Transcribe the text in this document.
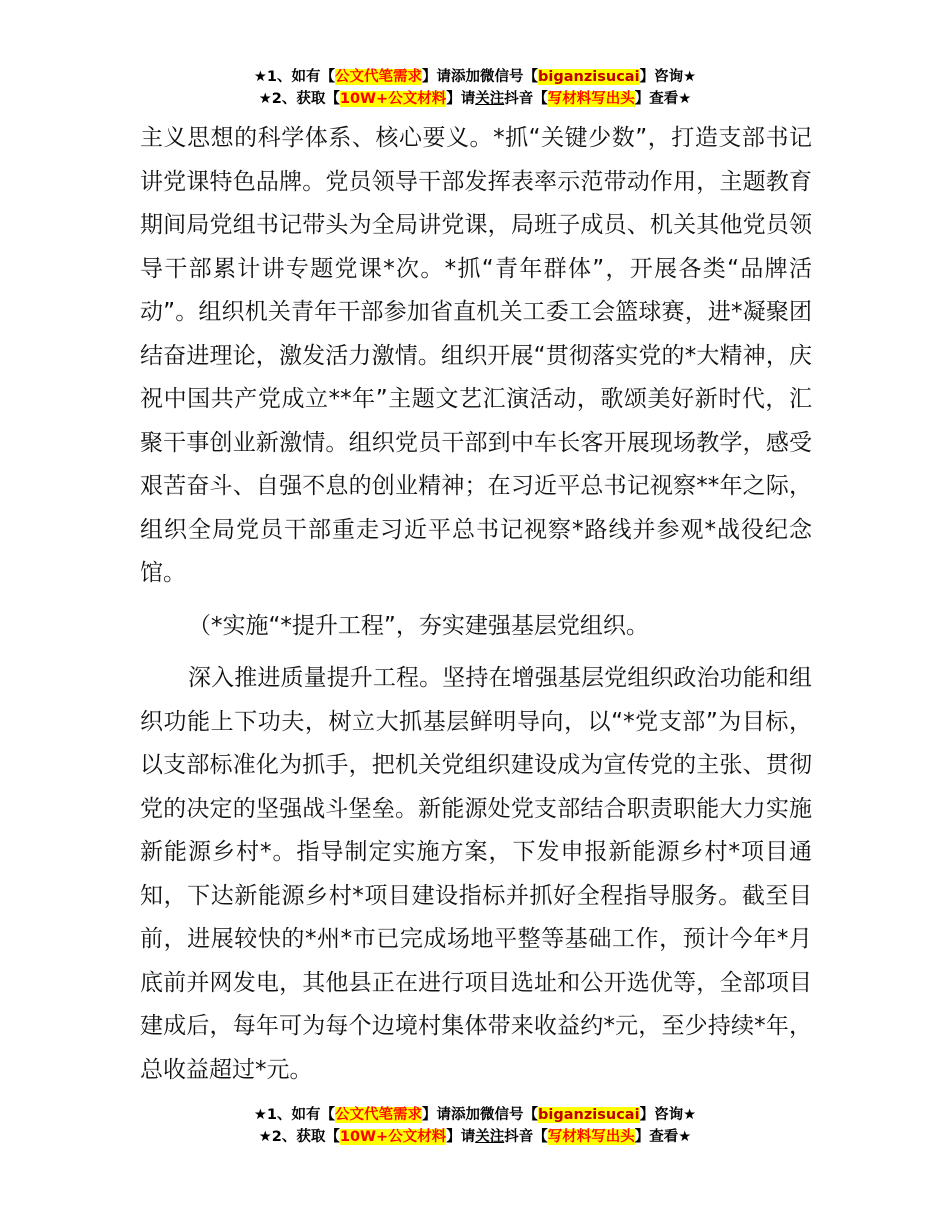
★1、如有【公文代笔需求】请添加微信号【biganzisucai】咨询★
★2、获取【10W+公文材料】请关注抖音【写材料写出头】查看★

主义思想的科学体系、核心要义。*抓“关键少数”，打造支部书记讲党课特色品牌。党员领导干部发挥表率示范带动作用，主题教育期间局党组书记带头为全局讲党课，局班子成员、机关其他党员领导干部累计讲专题党课*次。*抓“青年群体”，开展各类“品牌活动”。组织机关青年干部参加省直机关工委工会篮球赛，进*凝聚团结奋进理论，激发活力激情。组织开展“贯彻落实党的*大精神，庆祝中国共产党成立**年”主题文艺汇演活动，歌颂美好新时代，汇聚干事创业新激情。组织党员干部到中车长客开展现场教学，感受艰苦奋斗、自强不息的创业精神；在习近平总书记视察**年之际，组织全局党员干部重走习近平总书记视察*路线并参观*战役纪念馆。

（*实施“*提升工程”，夯实建强基层党组织。

深入推进质量提升工程。坚持在增强基层党组织政治功能和组织功能上下功夫，树立大抓基层鲜明导向，以“*党支部”为目标，以支部标准化为抓手，把机关党组织建设成为宣传党的主张、贯彻党的决定的坚强战斗堡垒。新能源处党支部结合职责职能大力实施新能源乡村*。指导制定实施方案，下发申报新能源乡村*项目通知，下达新能源乡村*项目建设指标并抓好全程指导服务。截至目前，进展较快的*州*市已完成场地平整等基础工作，预计今年*月底前并网发电，其他县正在进行项目选址和公开选优等，全部项目建成后，每年可为每个边境村集体带来收益约*元，至少持续*年，总收益超过*元。

★1、如有【公文代笔需求】请添加微信号【biganzisucai】咨询★
★2、获取【10W+公文材料】请关注抖音【写材料写出头】查看★
